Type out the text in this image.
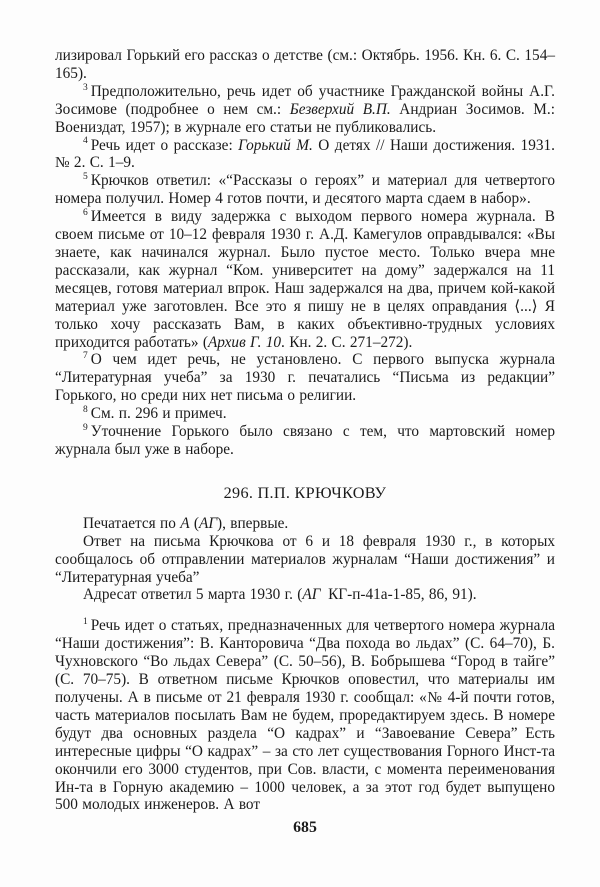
лизировал Горький его рассказ о детстве (см.: Октябрь. 1956. Кн. 6. С. 154–165).

$^3$ Предположительно, речь идет об участнике Гражданской войны А.Г. Зосимове (подробнее о нем см.: Безверхий В.П. Андриан Зосимов. М.: Воениздат, 1957); в журнале его статьи не публиковались.

$^4$ Речь идет о рассказе: Горький М. О детях // Наши достижения. 1931. № 2. С. 1–9.

$^5$ Крючков ответил: «“Рассказы о героях” и материал для четвертого номера получил. Номер 4 готов почти, и десятого марта сдаем в набор».

$^6$ Имеется в виду задержка с выходом первого номера журнала. В своем письме от 10–12 февраля 1930 г. А.Д. Камегулов оправдывался: «Вы знаете, как начинался журнал. Было пустое место. Только вчера мне рассказали, как журнал “Ком. университет на дому” задержался на 11 месяцев, готовя материал впрок. Наш задержался на два, причем кой-какой материал уже заготовлен. Все это я пишу не в целях оправдания ⟨...⟩ Я только хочу рассказать Вам, в каких объективно-трудных условиях приходится работать» (Архив Г. 10. Кн. 2. С. 271–272).

$^7$ О чем идет речь, не установлено. С первого выпуска журнала “Литературная учеба” за 1930 г. печатались “Письма из редакции” Горького, но среди них нет письма о религии.

$^8$ См. п. 296 и примеч.

$^9$ Уточнение Горького было связано с тем, что мартовский номер журнала был уже в наборе.

296. П.П. КРЮЧКОВУ

Печатается по А (АГ), впервые.

Ответ на письма Крючкова от 6 и 18 февраля 1930 г., в которых сообщалось об отправлении материалов журналам “Наши достижения” и “Литературная учеба”

Адресат ответил 5 марта 1930 г. (АГ КГ-п-41а-1-85, 86, 91).

$^1$ Речь идет о статьях, предназначенных для четвертого номера журнала “Наши достижения”: В. Канторовича “Два похода во льдах” (С. 64–70), Б. Чухновского “Во льдах Севера” (С. 50–56), В. Бобрышева “Город в тайге” (С. 70–75). В ответном письме Крючков оповестил, что материалы им получены. А в письме от 21 февраля 1930 г. сообщал: «№ 4-й почти готов, часть материалов посылать Вам не будем, проредактируем здесь. В номере будут два основных раздела “О кадрах” и “Завоевание Севера” Есть интересные цифры “О кадрах” – за сто лет существования Горного Инст-та окончили его 3000 студентов, при Сов. власти, с момента переименования Ин-та в Горную академию – 1000 человек, а за этот год будет выпущено 500 молодых инженеров. А вот

685
